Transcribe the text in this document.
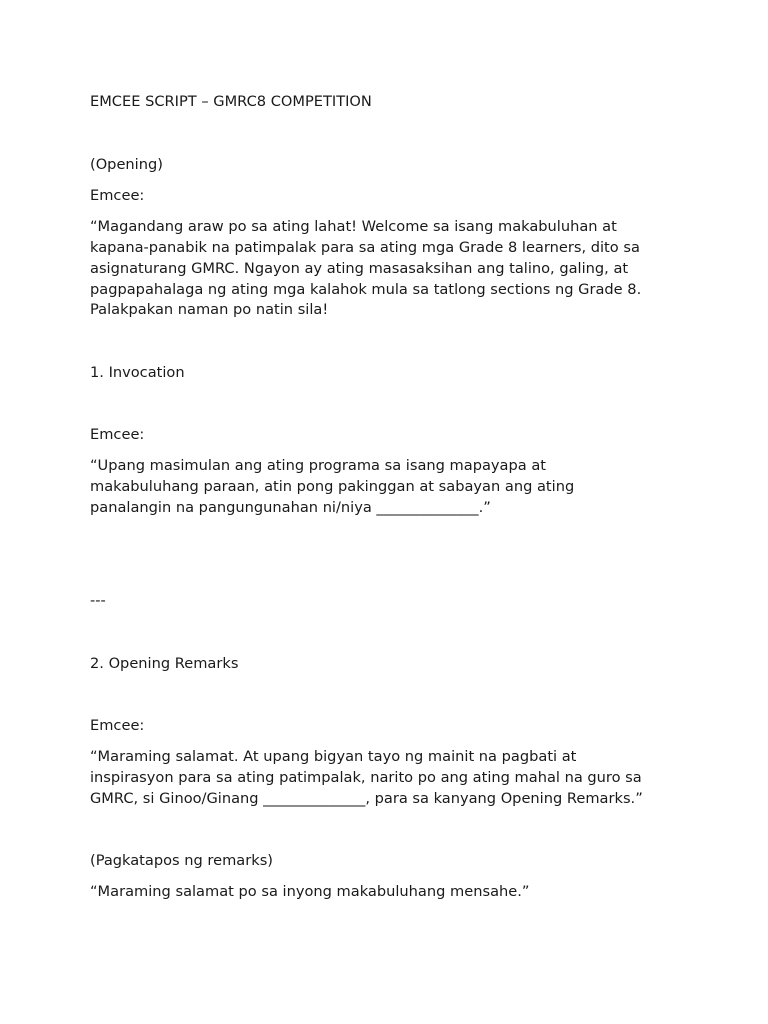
EMCEE SCRIPT – GMRC8 COMPETITION

(Opening)

Emcee:

“Magandang araw po sa ating lahat! Welcome sa isang makabuluhan at

kapana-panabik na patimpalak para sa ating mga Grade 8 learners, dito sa

asignaturang GMRC. Ngayon ay ating masasaksihan ang talino, galing, at

pagpapahalaga ng ating mga kalahok mula sa tatlong sections ng Grade 8.

Palakpakan naman po natin sila!

1. Invocation

Emcee:

“Upang masimulan ang ating programa sa isang mapayapa at

makabuluhang paraan, atin pong pakinggan at sabayan ang ating

panalangin na pangungunahan ni/niya ______________.”

---

2. Opening Remarks

Emcee:

“Maraming salamat. At upang bigyan tayo ng mainit na pagbati at

inspirasyon para sa ating patimpalak, narito po ang ating mahal na guro sa

GMRC, si Ginoo/Ginang ______________, para sa kanyang Opening Remarks.”

(Pagkatapos ng remarks)

“Maraming salamat po sa inyong makabuluhang mensahe.”
